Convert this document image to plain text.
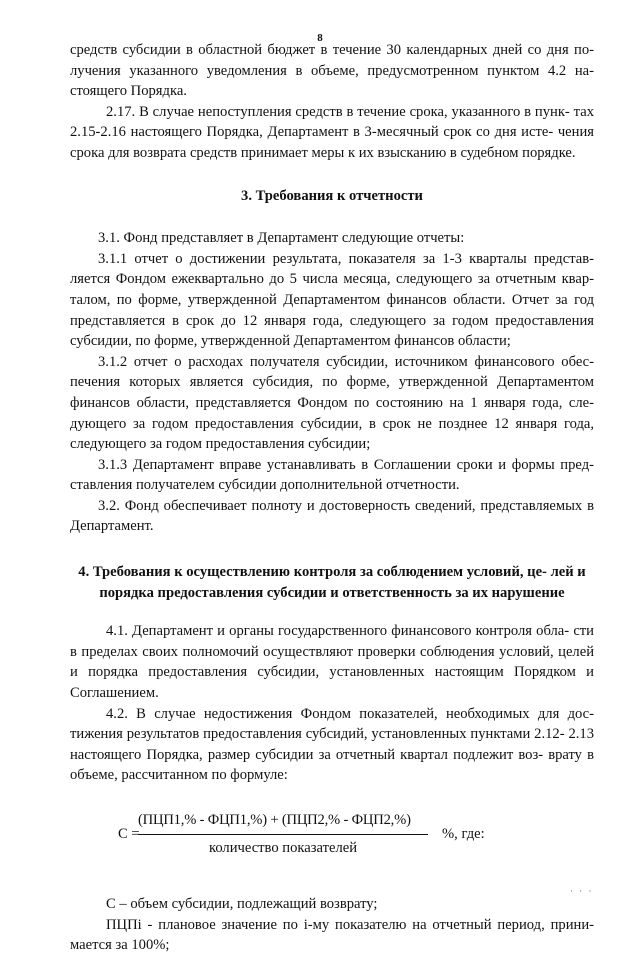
8

средств субсидии в областной бюджет в течение 30 календарных дней со дня по- лучения указанного уведомления в объеме, предусмотренном пунктом 4.2 на- стоящего Порядка.

2.17. В случае непоступления средств в течение срока, указанного в пунк- тах 2.15-2.16 настоящего Порядка, Департамент в 3-месячный срок со дня исте- чения срока для возврата средств принимает меры к их взысканию в судебном порядке.

3. Требования к отчетности

3.1. Фонд представляет в Департамент следующие отчеты:

3.1.1 отчет о достижении результата, показателя за 1-3 кварталы представ- ляется Фондом ежеквартально до 5 числа месяца, следующего за отчетным квар- талом, по форме, утвержденной Департаментом финансов области. Отчет за год представляется в срок до 12 января года, следующего за годом предоставления субсидии, по форме, утвержденной Департаментом финансов области;

3.1.2 отчет о расходах получателя субсидии, источником финансового обес- печения которых является субсидия, по форме, утвержденной Департаментом финансов области, представляется Фондом по состоянию на 1 января года, сле- дующего за годом предоставления субсидии, в срок не позднее 12 января года, следующего за годом предоставления субсидии;

3.1.3 Департамент вправе устанавливать в Соглашении сроки и формы пред- ставления получателем субсидии дополнительной отчетности.

3.2. Фонд обеспечивает полноту и достоверность сведений, представляемых в Департамент.

4. Требования к осуществлению контроля за соблюдением условий, це- лей и порядка предоставления субсидии и ответственность за их нарушение

4.1. Департамент и органы государственного финансового контроля обла- сти в пределах своих полномочий осуществляют проверки соблюдения условий, целей и порядка предоставления субсидии, установленных настоящим Порядком и Соглашением.

4.2. В случае недостижения Фондом показателей, необходимых для дос- тижения результатов предоставления субсидий, установленных пунктами 2.12- 2.13 настоящего Порядка, размер субсидии за отчетный квартал подлежит воз- врату в объеме, рассчитанном по формуле:

С =
(ПЦП1,% - ФЦП1,%) + (ПЦП2,% - ФЦП2,%)
количество показателей
%, где:

С – объем субсидии, подлежащий возврату;

ПЦПi - плановое значение по i-му показателю на отчетный период, прини- мается за 100%;

· · ·
